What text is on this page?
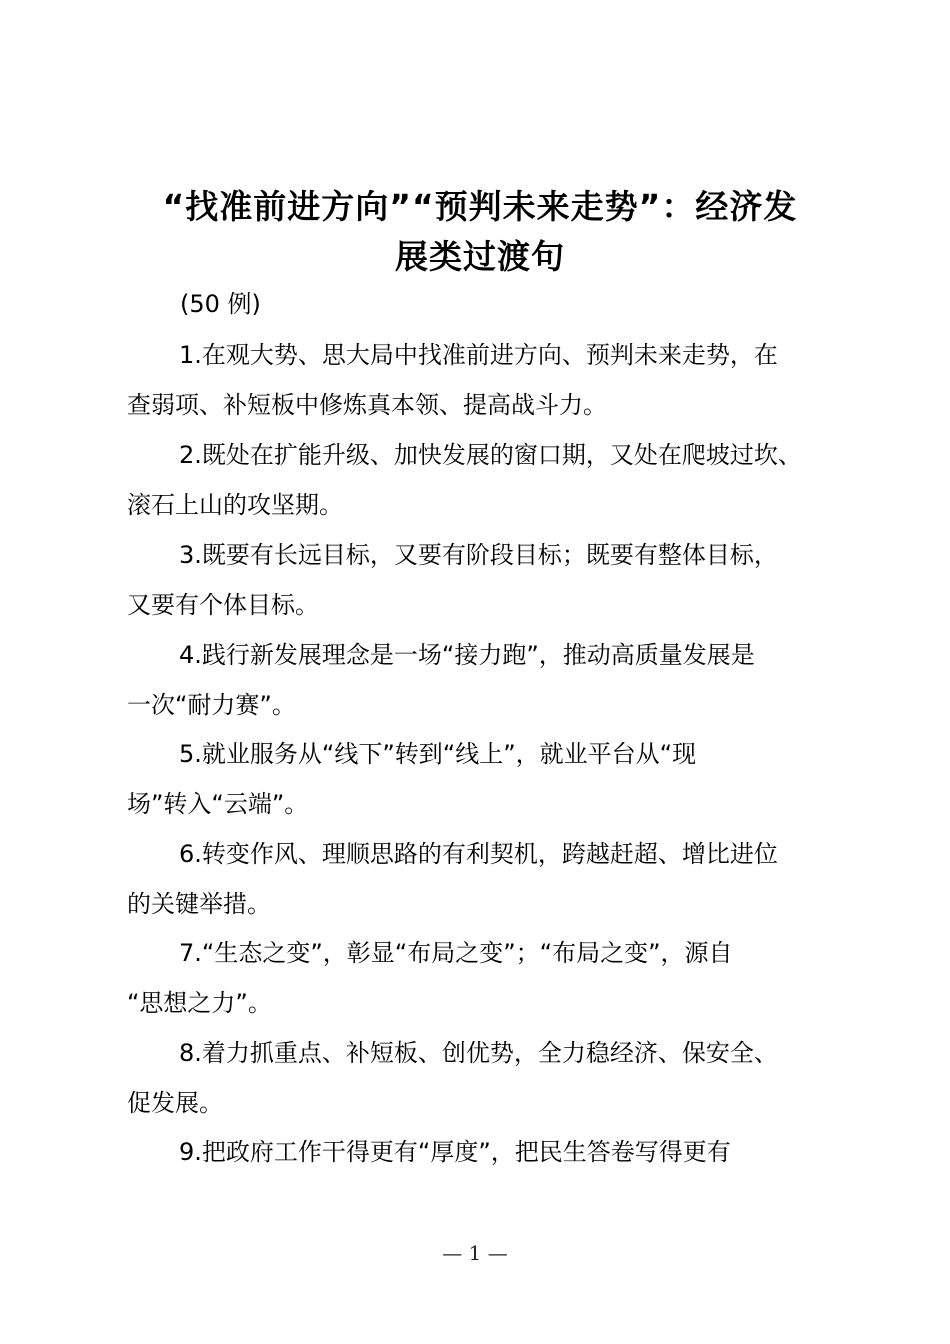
“找准前进方向”“预判未来走势”：经济发
展类过渡句
(50 例)

1.在观大势、思大局中找准前进方向、预判未来走势，在
查弱项、补短板中修炼真本领、提高战斗力。

2.既处在扩能升级、加快发展的窗口期，又处在爬坡过坎、
滚石上山的攻坚期。

3.既要有长远目标，又要有阶段目标；既要有整体目标，
又要有个体目标。

4.践行新发展理念是一场“接力跑”，推动高质量发展是
一次“耐力赛”。

5.就业服务从“线下”转到“线上”，就业平台从“现
场”转入“云端”。

6.转变作风、理顺思路的有利契机，跨越赶超、增比进位
的关键举措。

7.“生态之变”，彰显“布局之变”；“布局之变”，源自
“思想之力”。

8.着力抓重点、补短板、创优势，全力稳经济、保安全、
促发展。

9.把政府工作干得更有“厚度”，把民生答卷写得更有

— 1 —
